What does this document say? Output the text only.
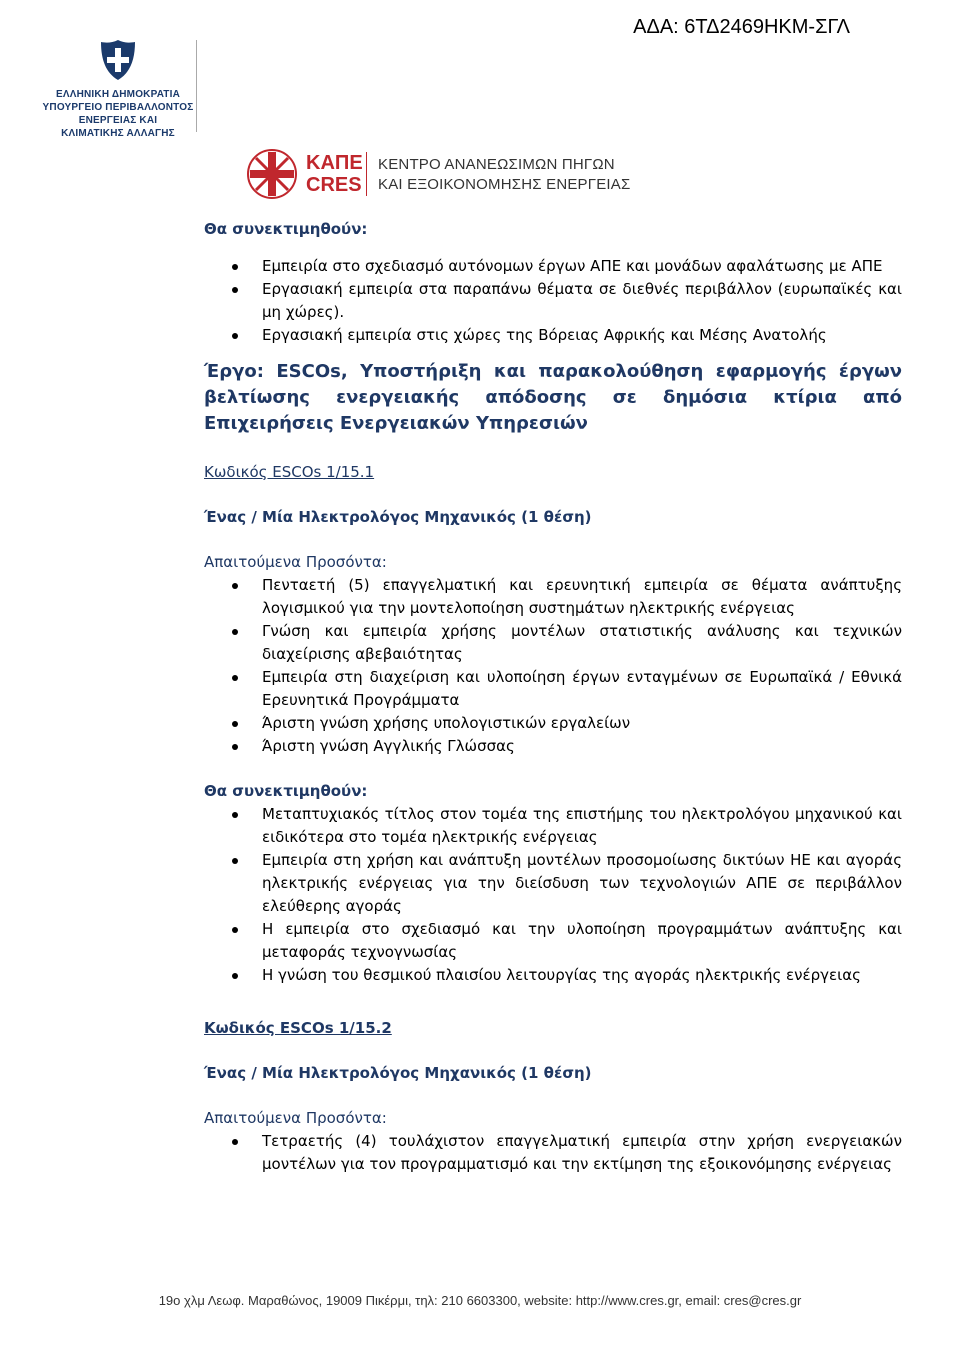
ΑΔΑ: 6ΤΔ2469ΗΚΜ-ΣΓΛ
ΕΛΛΗΝΙΚΗ ΔΗΜΟΚΡΑΤΙΑ
ΥΠΟΥΡΓΕΙΟ ΠΕΡΙΒΑΛΛΟΝΤΟΣ
ΕΝΕΡΓΕΙΑΣ ΚΑΙ
ΚΛΙΜΑΤΙΚΗΣ ΑΛΛΑΓΗΣ
ΚΑΠΕ
CRES
ΚΕΝΤΡΟ ΑΝΑΝΕΩΣΙΜΩΝ ΠΗΓΩΝ
ΚΑΙ ΕΞΟΙΚΟΝΟΜΗΣΗΣ ΕΝΕΡΓΕΙΑΣ
Θα συνεκτιμηθούν:
Εμπειρία στο σχεδιασμό αυτόνομων έργων ΑΠΕ και μονάδων αφαλάτωσης με ΑΠΕ
Εργασιακή εμπειρία στα παραπάνω θέματα σε διεθνές περιβάλλον (ευρωπαϊκές και μη χώρες).
Εργασιακή εμπειρία στις χώρες της Βόρειας Αφρικής και Μέσης Ανατολής
Έργο: ESCOs, Υποστήριξη και παρακολούθηση εφαρμογής έργων βελτίωσης ενεργειακής απόδοσης σε δημόσια κτίρια από Επιχειρήσεις Ενεργειακών Υπηρεσιών
Κωδικός ESCOs 1/15.1
Ένας / Μία Ηλεκτρολόγος Μηχανικός (1 θέση)
Απαιτούμενα Προσόντα:
Πενταετή (5) επαγγελματική και ερευνητική εμπειρία σε θέματα ανάπτυξης λογισμικού για την μοντελοποίηση συστημάτων ηλεκτρικής ενέργειας
Γνώση και εμπειρία χρήσης μοντέλων στατιστικής ανάλυσης και τεχνικών διαχείρισης αβεβαιότητας
Εμπειρία στη διαχείριση και υλοποίηση έργων ενταγμένων σε Ευρωπαϊκά / Εθνικά Ερευνητικά Προγράμματα
Άριστη γνώση χρήσης υπολογιστικών εργαλείων
Άριστη γνώση Αγγλικής Γλώσσας
Θα συνεκτιμηθούν:
Μεταπτυχιακός τίτλος στον τομέα της επιστήμης του ηλεκτρολόγου μηχανικού και ειδικότερα στο τομέα ηλεκτρικής ενέργειας
Εμπειρία στη χρήση και ανάπτυξη μοντέλων προσομοίωσης δικτύων ΗΕ και αγοράς ηλεκτρικής ενέργειας για την διείσδυση των τεχνολογιών ΑΠΕ σε περιβάλλον ελεύθερης αγοράς
Η εμπειρία στο σχεδιασμό και την υλοποίηση προγραμμάτων ανάπτυξης και μεταφοράς τεχνογνωσίας
Η γνώση του θεσμικού πλαισίου λειτουργίας της αγοράς ηλεκτρικής ενέργειας
Κωδικός ESCOs 1/15.2
Ένας / Μία Ηλεκτρολόγος Μηχανικός (1 θέση)
Απαιτούμενα Προσόντα:
Τετραετής (4) τουλάχιστον επαγγελματική εμπειρία στην χρήση ενεργειακών μοντέλων για τον προγραμματισμό και την εκτίμηση της εξοικονόμησης ενέργειας
19ο χλμ Λεωφ. Μαραθώνος, 19009 Πικέρμι, τηλ: 210 6603300, website: http://www.cres.gr, email: cres@cres.gr
